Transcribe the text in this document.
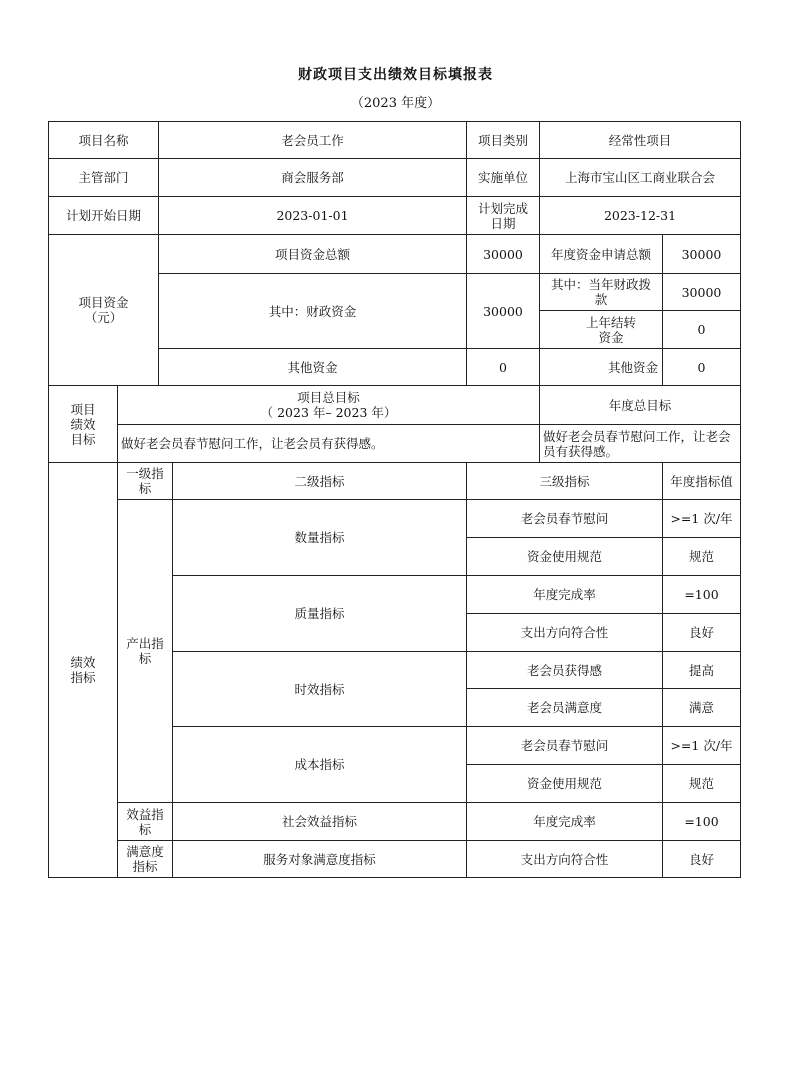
财政项目支出绩效目标填报表
（2023 年度）
项目名称	老会员工作	项目类别	经常性项目
主管部门	商会服务部	实施单位	上海市宝山区工商业联合会
计划开始日期	2023-01-01	计划完成日期	2023-12-31
项目资金（元）
项目资金总额	30000	年度资金申请总额	30000
其中：财政资金	30000
其中：当年财政拨款	30000
上年结转资金	0
其他资金	0	其他资金	0
项目绩效目标
项目总目标
（ 2023 年– 2023 年）	年度总目标
做好老会员春节慰问工作，让老会员有获得感。	做好老会员春节慰问工作，让老会员有获得感。
绩效指标
一级指标	二级指标	三级指标	年度指标值
产出指标
数量指标
老会员春节慰问	>=1 次/年
资金使用规范	规范
质量指标
年度完成率	=100
支出方向符合性	良好
时效指标
老会员获得感	提高
老会员满意度	满意
成本指标
老会员春节慰问	>=1 次/年
资金使用规范	规范
效益指标	社会效益指标	年度完成率	=100
满意度指标	服务对象满意度指标	支出方向符合性	良好
